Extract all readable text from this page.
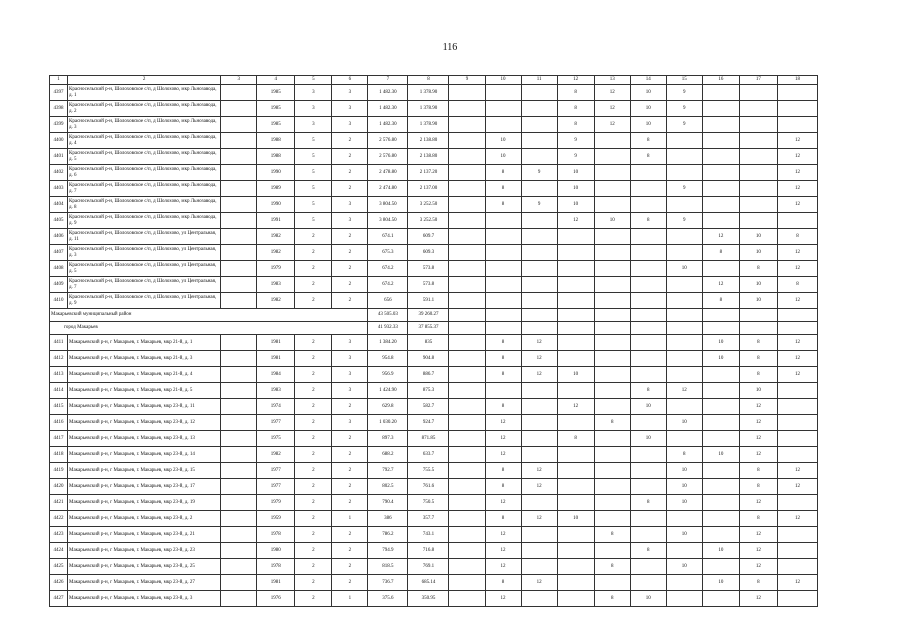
116
1	2	3	4	5	6	7	8	9	10	11	12	13	14	15	16	17	18
4397	Красносельский р-н, Шолоховское с/п, д Шолохово, мкр Льнозавода, д. 1		1985	3	3	1 482.30	1 378.90				8	12	10	9			
4398	Красносельский р-н, Шолоховское с/п, д Шолохово, мкр Льнозавода, д. 2		1985	3	3	1 482.30	1 378.90				8	12	10	9			
4399	Красносельский р-н, Шолоховское с/п, д Шолохово, мкр Льнозавода, д. 3		1985	3	3	1 482.30	1 378.90				8	12	10	9			
4400	Красносельский р-н, Шолоховское с/п, д Шолохово, мкр Льнозавода, д. 4		1988	5	2	2 576.80	2 138.80		10		9		8				12
4401	Красносельский р-н, Шолоховское с/п, д Шолохово, мкр Льнозавода, д. 5		1988	5	2	2 576.80	2 138.80		10		9		8				12
4402	Красносельский р-н, Шолоховское с/п, д Шолохово, мкр Льнозавода, д. 6		1990	5	2	2 478.80	2 137.20		8	9	10						12
4403	Красносельский р-н, Шолоховское с/п, д Шолохово, мкр Льнозавода, д. 7		1989	5	2	2 474.80	2 137.00		8		10			9			12
4404	Красносельский р-н, Шолоховское с/п, д Шолохово, мкр Льнозавода, д. 8		1990	5	3	3 804.50	3 252.50		8	9	10						12
4405	Красносельский р-н, Шолоховское с/п, д Шолохово, мкр Льнозавода, д. 9		1991	5	3	3 804.50	3 252.50				12	10	8	9			
4406	Красносельский р-н, Шолоховское с/п, д Шолохово, ул Центральная, д. 11		1982	2	2	674.1	609.7								12	10	8
4407	Красносельский р-н, Шолоховское с/п, д Шолохово, ул Центральная, д. 3		1982	2	2	675.3	609.3								8	10	12
4408	Красносельский р-н, Шолоховское с/п, д Шолохово, ул Центральная, д. 5		1979	2	2	674.2	573.8							10		8	12
4409	Красносельский р-н, Шолоховское с/п, д Шолохово, ул Центральная, д. 7		1983	2	2	674.2	573.8								12	10	8
4410	Красносельский р-н, Шолоховское с/п, д Шолохово, ул Центральная, д. 9		1982	2	2	656	591.1								8	10	12
Макарьевский муниципальный район						43 505.03	39 260.27										
город Макарьев						41 932.33	37 855.37										
4411	Макарьевский р-н, г Макарьев, г. Макарьев, мкр 21-й, д. 1		1981	2	3	1 384.20	835		8	12					10	8	12
4412	Макарьевский р-н, г Макарьев, г. Макарьев, мкр 21-й, д. 3		1981	2	3	954.8	904.8		8	12					10	8	12
4413	Макарьевский р-н, г Макарьев, г. Макарьев, мкр 21-й, д. 4		1984	2	3	956.9	886.7		8	12	10					8	12
4414	Макарьевский р-н, г Макарьев, г. Макарьев, мкр 21-й, д. 5		1983	2	3	1 424.90	875.3						8	12		10	
4415	Макарьевский р-н, г Макарьев, г. Макарьев, мкр 23-й, д. 11		1974	2	2	629.8	582.7		8		12		10			12	
4416	Макарьевский р-н, г Макарьев, г. Макарьев, мкр 23-й, д. 12		1977	2	3	1 030.20	924.7		12			8		10		12	
4417	Макарьевский р-н, г Макарьев, г. Макарьев, мкр 23-й, д. 13		1975	2	2	897.3	871.85		12		8		10			12	
4418	Макарьевский р-н, г Макарьев, г. Макарьев, мкр 23-й, д. 14		1982	2	2	688.2	633.7		12					8	10	12	
4419	Макарьевский р-н, г Макарьев, г. Макарьев, мкр 23-й, д. 15		1977	2	2	792.7	755.5		8	12				10		8	12
4420	Макарьевский р-н, г Макарьев, г. Макарьев, мкр 23-й, д. 17		1977	2	2	802.5	761.6		8	12				10		8	12
4421	Макарьевский р-н, г Макарьев, г. Макарьев, мкр 23-й, д. 19		1979	2	2	790.4	750.5		12				8	10		12	
4422	Макарьевский р-н, г Макарьев, г. Макарьев, мкр 23-й, д. 2		1959	2	1	386	357.7		8	12	10					8	12
4423	Макарьевский р-н, г Макарьев, г. Макарьев, мкр 23-й, д. 21		1978	2	2	786.2	743.1		12			8		10		12	
4424	Макарьевский р-н, г Макарьев, г. Макарьев, мкр 23-й, д. 23		1980	2	2	794.9	716.8		12				8		10	12	
4425	Макарьевский р-н, г Макарьев, г. Макарьев, мкр 23-й, д. 25		1978	2	2	818.5	769.1		12			8		10		12	
4426	Макарьевский р-н, г Макарьев, г. Макарьев, мкр 23-й, д. 27		1981	2	2	736.7	685.14		8	12					10	8	12
4427	Макарьевский р-н, г Макарьев, г. Макарьев, мкр 23-й, д. 3		1976	2	1	375.6	350.95		12			8	10			12	
